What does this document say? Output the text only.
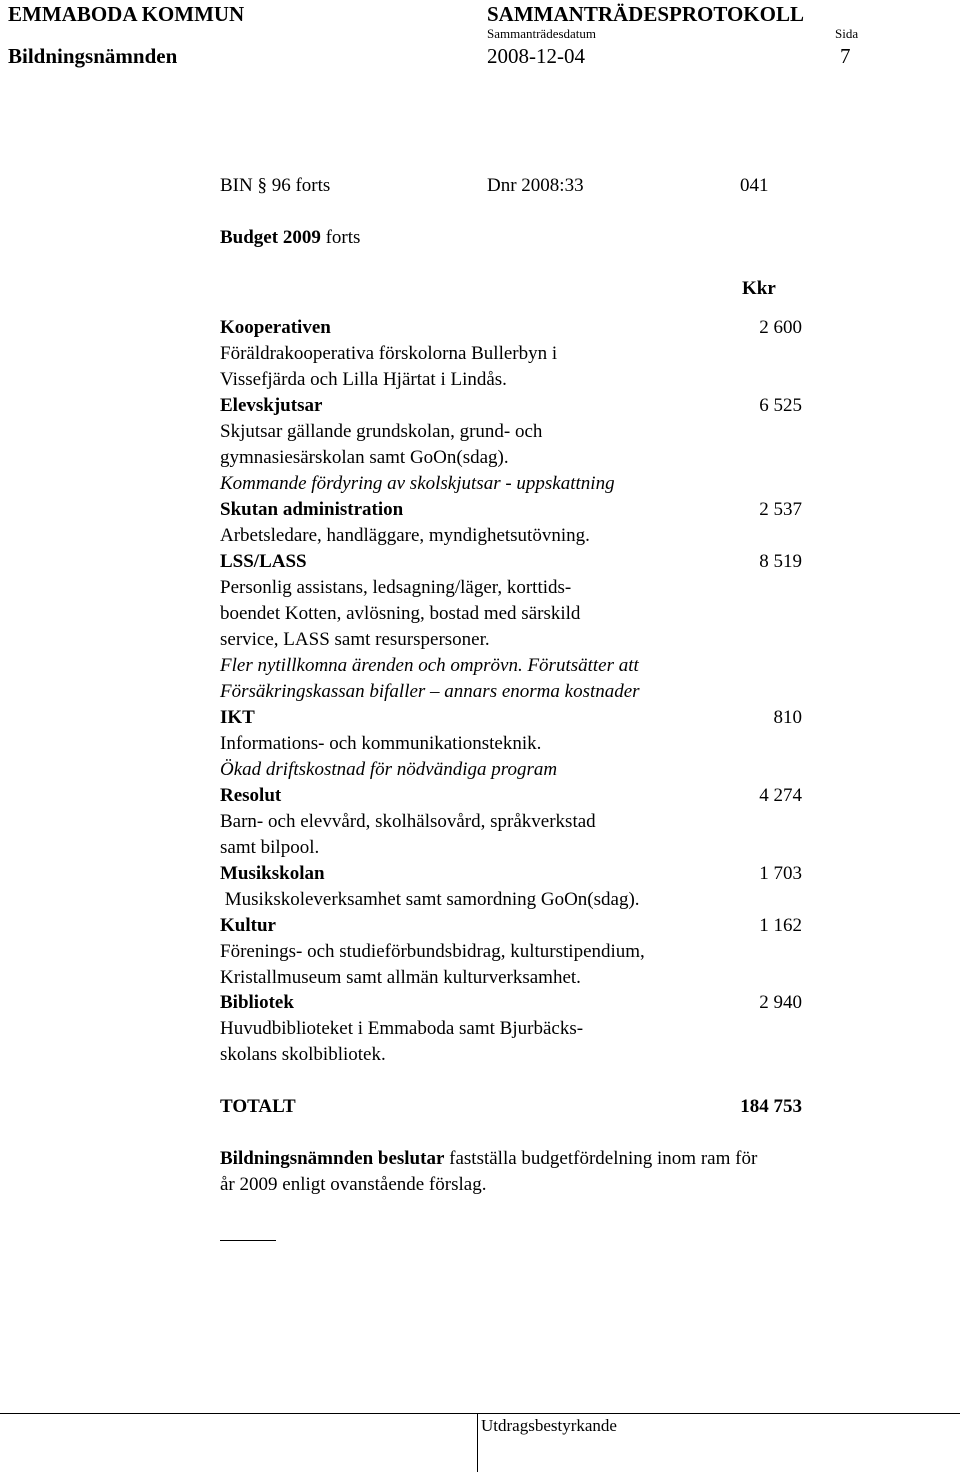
EMMABODA KOMMUN	SAMMANTRÄDESPROTOKOLL
Sammanträdesdatum	Sida
Bildningsnämnden	2008-12-04	7
BIN § 96 forts	Dnr 2008:33	041
Budget 2009 forts
Kkr
Kooperativen	2 600
Föräldrakooperativa förskolorna Bullerbyn i
Vissefjärda och Lilla Hjärtat i Lindås.
Elevskjutsar	6 525
Skjutsar gällande grundskolan, grund- och
gymnasiesärskolan samt GoOn(sdag).
Kommande fördyring av skolskjutsar - uppskattning
Skutan administration	2 537
Arbetsledare, handläggare, myndighetsutövning.
LSS/LASS	8 519
Personlig assistans, ledsagning/läger, korttids-
boendet Kotten, avlösning, bostad med särskild
service, LASS samt resurspersoner.
Fler nytillkomna ärenden och omprövn. Förutsätter att
Försäkringskassan bifaller – annars enorma kostnader
IKT	810
Informations- och kommunikationsteknik.
Ökad driftskostnad för nödvändiga program
Resolut	4 274
Barn- och elevvård, skolhälsovård, språkverkstad
samt bilpool.
Musikskolan	1 703
Musikskoleverksamhet samt samordning GoOn(sdag).
Kultur	1 162
Förenings- och studieförbundsbidrag, kulturstipendium,
Kristallmuseum samt allmän kulturverksamhet.
Bibliotek	2 940
Huvudbiblioteket i Emmaboda samt Bjurbäcks-
skolans skolbibliotek.
TOTALT	184 753
Bildningsnämnden beslutar fastställa budgetfördelning inom ram för
år 2009 enligt ovanstående förslag.
Utdragsbestyrkande
